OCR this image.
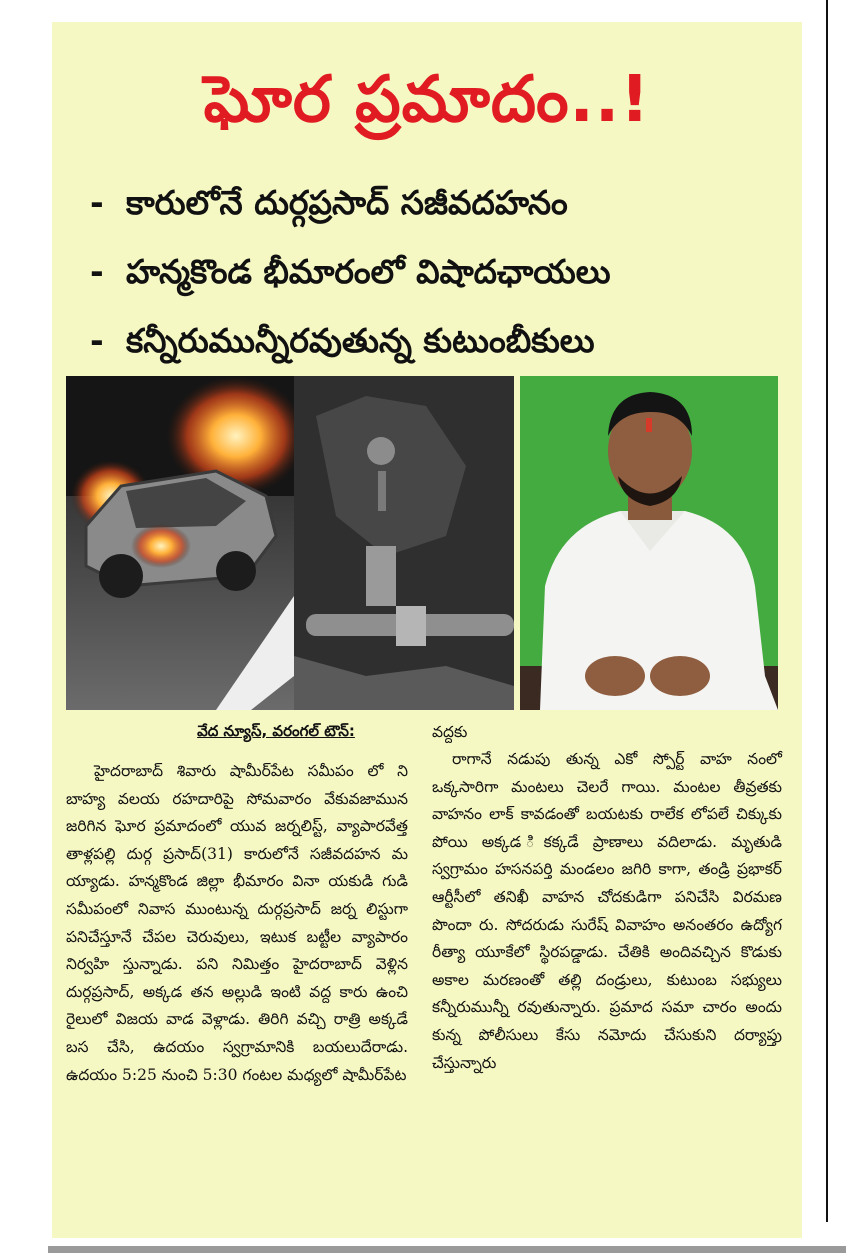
ఘోర ప్రమాదం..!
- కారులోనే దుర్గప్రసాద్ సజీవదహనం
- హన్మకొండ భీమారంలో విషాదఛాయలు
- కన్నీరుమున్నీరవుతున్న కుటుంబీకులు
వేద న్యూస్, వరంగల్ టౌన్:

హైదరాబాద్ శివారు షామీర్‌పేట సమీపం లో ని బాహ్య వలయ రహదారిపై సోమవారం వేకువజామున జరిగిన ఘోర ప్రమాదంలో యువ జర్నలిస్ట్, వ్యాపారవేత్త తాళ్లపల్లి దుర్గ ప్రసాద్(31) కారులోనే సజీవదహన మ య్యాడు. హన్మకొండ జిల్లా భీమారం వినా యకుడి గుడి సమీపంలో నివాస ముంటున్న దుర్గప్రసాద్ జర్న లిస్టుగా పనిచేస్తూనే చేపల చెరువులు, ఇటుక బట్టీల వ్యాపారం నిర్వహి స్తున్నాడు. పని నిమిత్తం హైదరాబాద్ వెళ్లిన దుర్గప్రసాద్, అక్కడ తన అల్లుడి ఇంటి వద్ద కారు ఉంచి రైలులో విజయ వాడ వెళ్లాడు. తిరిగి వచ్చి రాత్రి అక్కడే బస చేసి, ఉదయం స్వగ్రామానికి బయలుదేరాడు. ఉదయం 5:25 నుంచి 5:30 గంటల మధ్యలో షామీర్‌పేట

వద్దకు

రాగానే నడుపు తున్న ఎకో స్పోర్ట్ వాహ నంలో ఒక్కసారిగా మంటలు చెలరే గాయి. మంటల తీవ్రతకు వాహనం లాక్ కావడంతో బయటకు రాలేక లోపలే చిక్కుకు పోయి అక్కడ ికక్కడే ప్రాణాలు వదిలాడు. మృతుడి స్వగ్రామం హసనపర్తి మండలం జగిరి కాగా, తండ్రి ప్రభాకర్ ఆర్టీసీలో తనిఖీ వాహన చోదకుడిగా పనిచేసి విరమణ పొందా రు. సోదరుడు సురేష్ వివాహం అనంతరం ఉద్యోగ రీత్యా యూకేలో స్థిరపడ్డాడు. చేతికి అందివచ్చిన కొడుకు అకాల మరణంతో తల్లి దండ్రులు, కుటుంబ సభ్యులు కన్నీరుమున్నీ రవుతున్నారు. ప్రమాద సమా చారం అందు కున్న పోలీసులు కేసు నమోదు చేసుకుని దర్యాప్తు చేస్తున్నారు
